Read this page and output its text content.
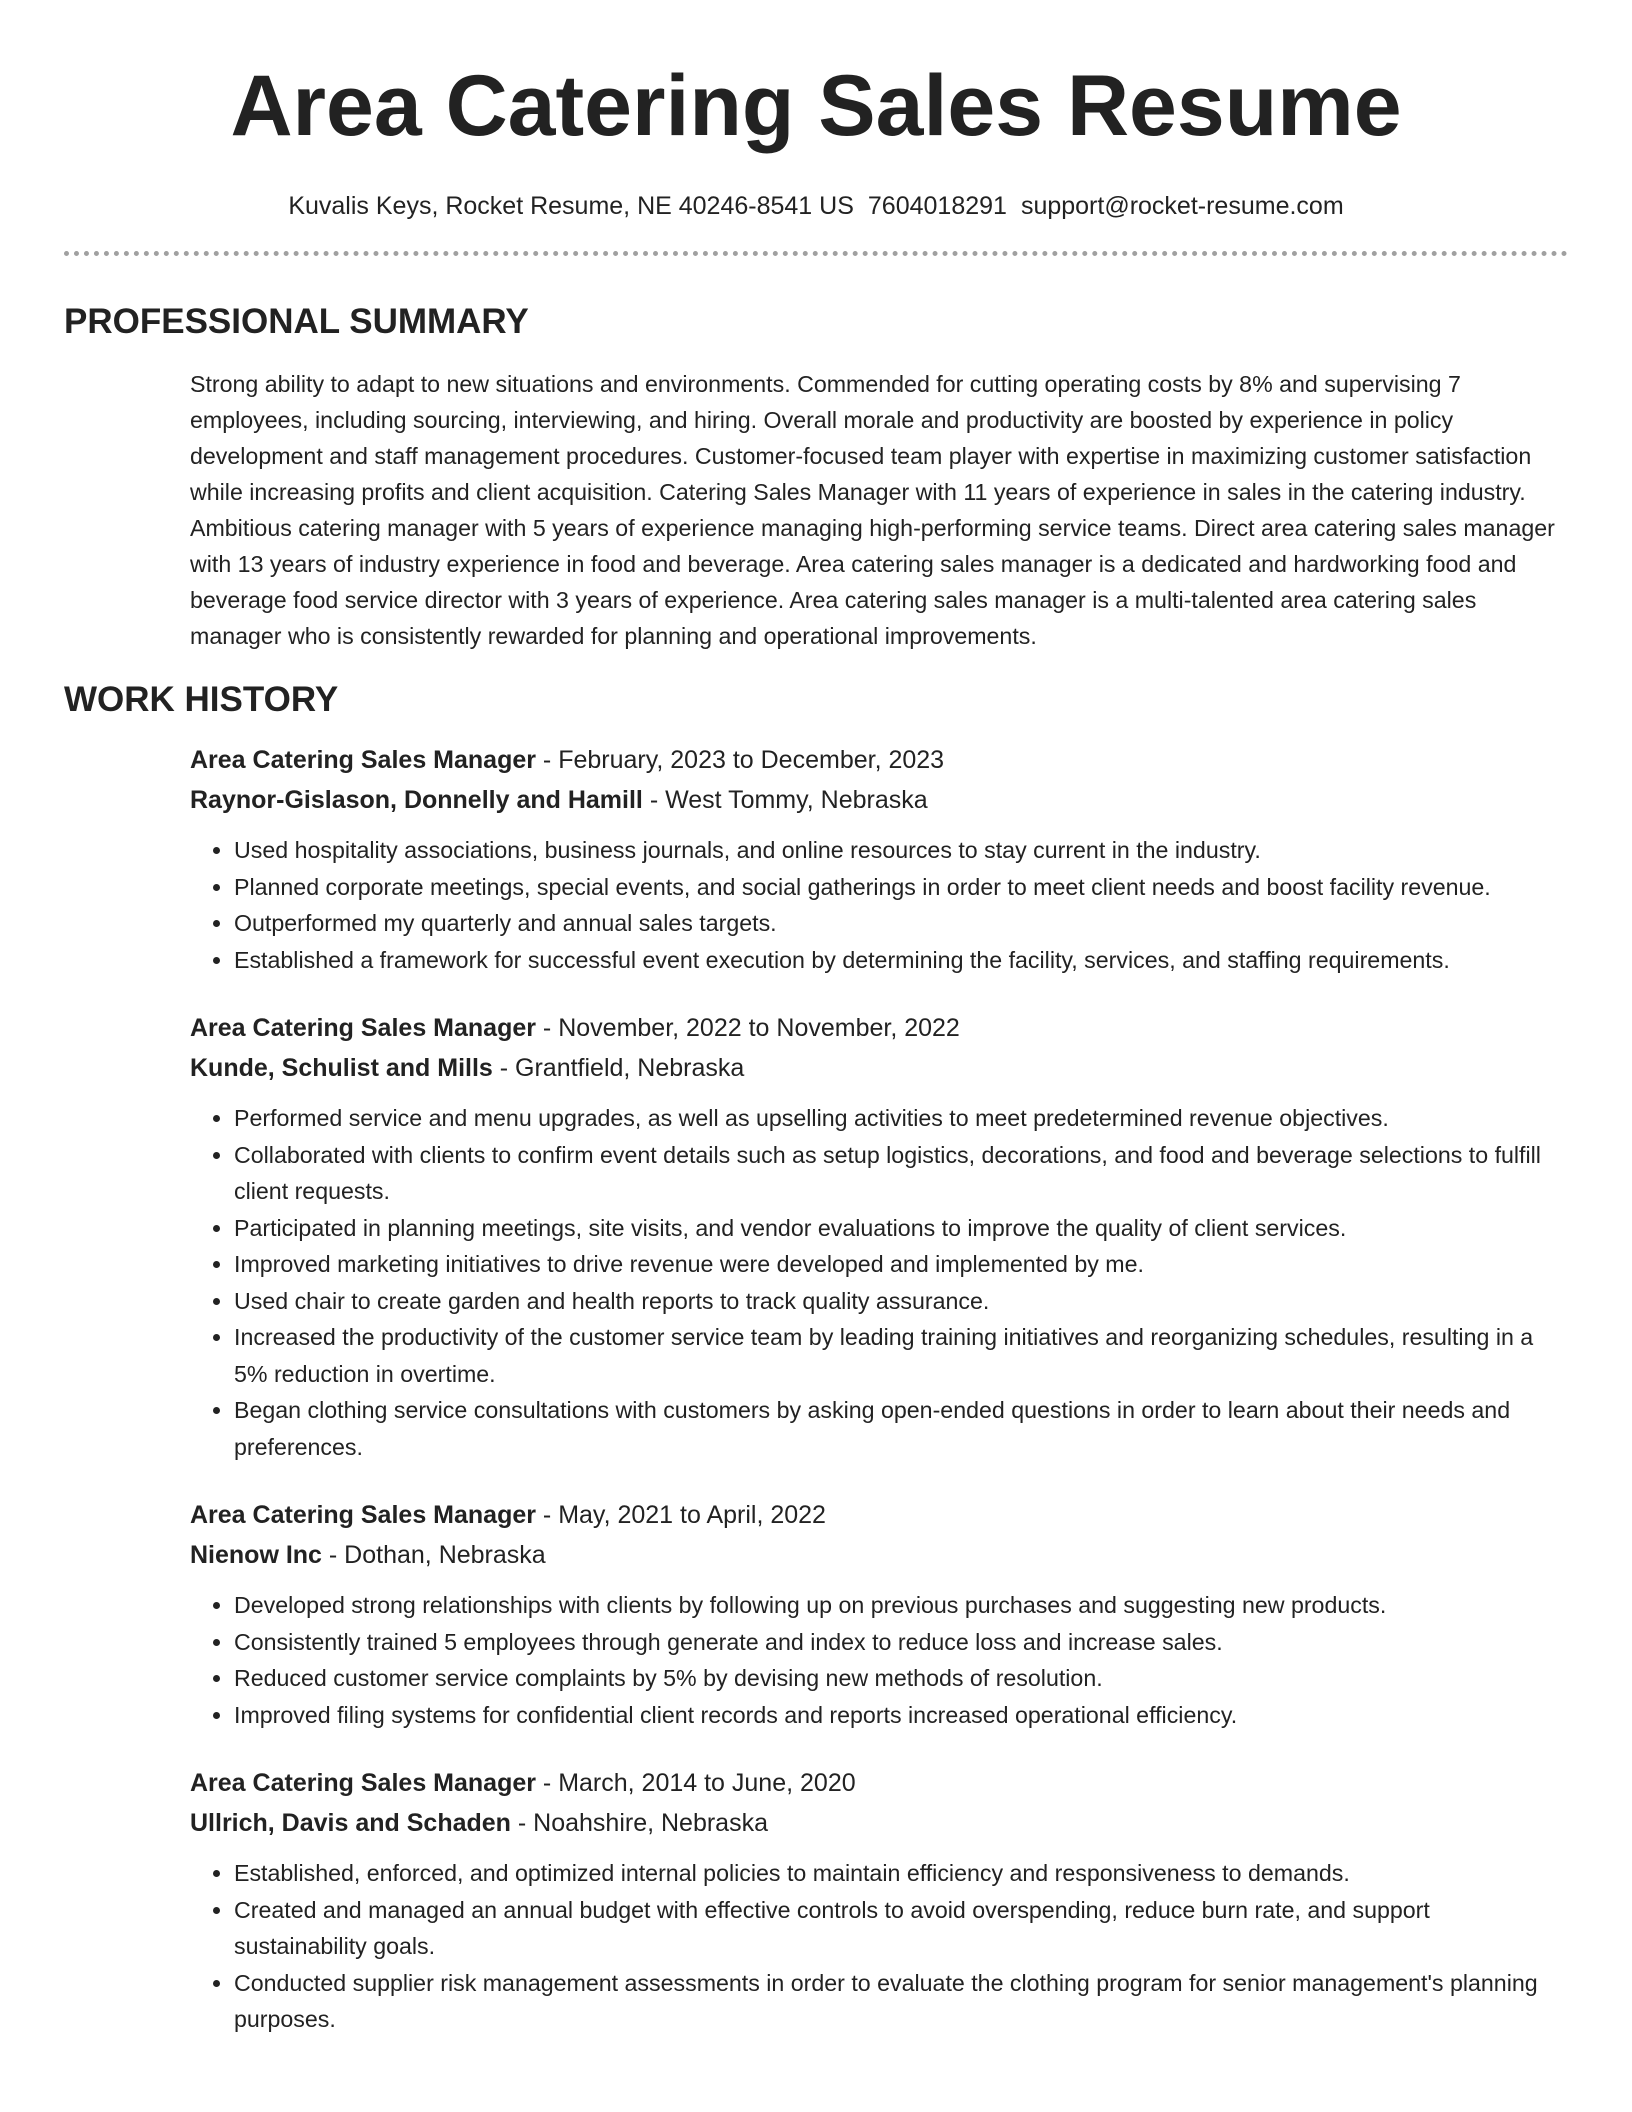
Area Catering Sales Resume
Kuvalis Keys, Rocket Resume, NE 40246-8541 US 7604018291 support@rocket-resume.com
PROFESSIONAL SUMMARY
Strong ability to adapt to new situations and environments. Commended for cutting operating costs by 8% and supervising 7 employees, including sourcing, interviewing, and hiring. Overall morale and productivity are boosted by experience in policy development and staff management procedures. Customer-focused team player with expertise in maximizing customer satisfaction while increasing profits and client acquisition. Catering Sales Manager with 11 years of experience in sales in the catering industry. Ambitious catering manager with 5 years of experience managing high-performing service teams. Direct area catering sales manager with 13 years of industry experience in food and beverage. Area catering sales manager is a dedicated and hardworking food and beverage food service director with 3 years of experience. Area catering sales manager is a multi-talented area catering sales manager who is consistently rewarded for planning and operational improvements.
WORK HISTORY
Area Catering Sales Manager - February, 2023 to December, 2023
Raynor-Gislason, Donnelly and Hamill - West Tommy, Nebraska
• Used hospitality associations, business journals, and online resources to stay current in the industry.
• Planned corporate meetings, special events, and social gatherings in order to meet client needs and boost facility revenue.
• Outperformed my quarterly and annual sales targets.
• Established a framework for successful event execution by determining the facility, services, and staffing requirements.
Area Catering Sales Manager - November, 2022 to November, 2022
Kunde, Schulist and Mills - Grantfield, Nebraska
• Performed service and menu upgrades, as well as upselling activities to meet predetermined revenue objectives.
• Collaborated with clients to confirm event details such as setup logistics, decorations, and food and beverage selections to fulfill client requests.
• Participated in planning meetings, site visits, and vendor evaluations to improve the quality of client services.
• Improved marketing initiatives to drive revenue were developed and implemented by me.
• Used chair to create garden and health reports to track quality assurance.
• Increased the productivity of the customer service team by leading training initiatives and reorganizing schedules, resulting in a 5% reduction in overtime.
• Began clothing service consultations with customers by asking open-ended questions in order to learn about their needs and preferences.
Area Catering Sales Manager - May, 2021 to April, 2022
Nienow Inc - Dothan, Nebraska
• Developed strong relationships with clients by following up on previous purchases and suggesting new products.
• Consistently trained 5 employees through generate and index to reduce loss and increase sales.
• Reduced customer service complaints by 5% by devising new methods of resolution.
• Improved filing systems for confidential client records and reports increased operational efficiency.
Area Catering Sales Manager - March, 2014 to June, 2020
Ullrich, Davis and Schaden - Noahshire, Nebraska
• Established, enforced, and optimized internal policies to maintain efficiency and responsiveness to demands.
• Created and managed an annual budget with effective controls to avoid overspending, reduce burn rate, and support sustainability goals.
• Conducted supplier risk management assessments in order to evaluate the clothing program for senior management's planning purposes.
